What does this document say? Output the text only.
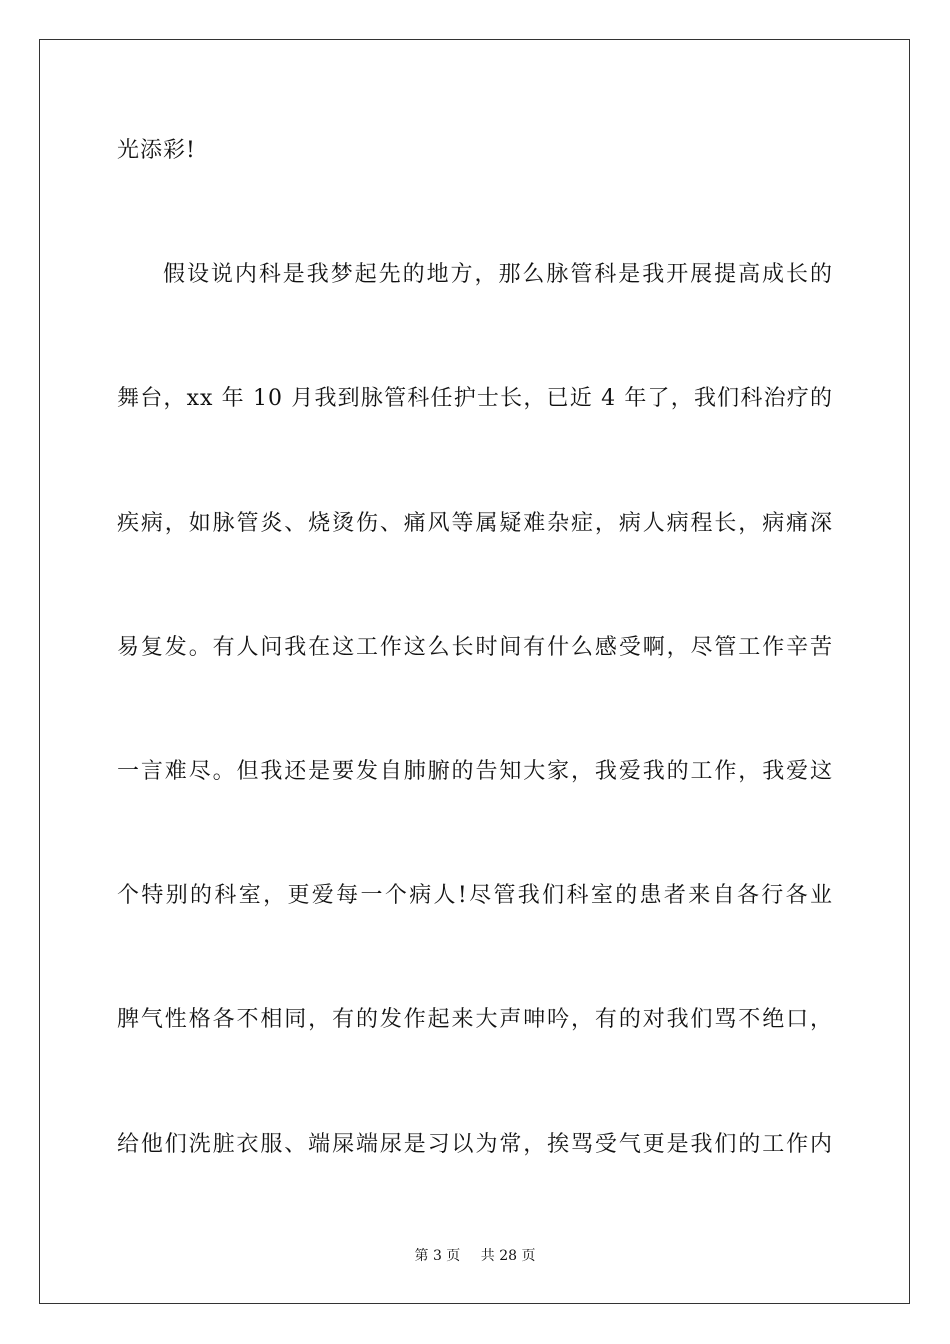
光添彩!
假设说内科是我梦起先的地方，那么脉管科是我开展提高成长的
舞台，xx 年 10 月我到脉管科任护士长，已近 4 年了，我们科治疗的
疾病，如脉管炎、烧烫伤、痛风等属疑难杂症，病人病程长，病痛深
易复发。有人问我在这工作这么长时间有什么感受啊，尽管工作辛苦
一言难尽。但我还是要发自肺腑的告知大家，我爱我的工作，我爱这
个特别的科室，更爱每一个病人!尽管我们科室的患者来自各行各业
脾气性格各不相同，有的发作起来大声呻吟，有的对我们骂不绝口，
给他们洗脏衣服、端屎端尿是习以为常，挨骂受气更是我们的工作内
第 3 页 共 28 页
